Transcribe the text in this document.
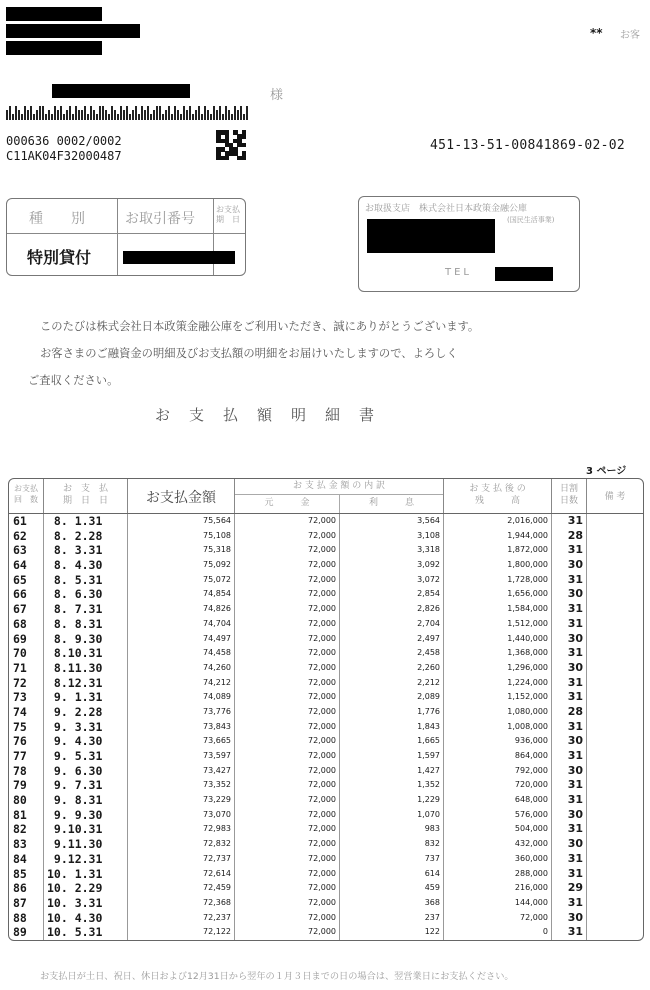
** お客
様
000636 0002/0002
C11AK04F32000487
451-13-51-00841869-02-02
種　　別	お取引番号
お支払
期　日
特別貸付
お取扱支店　株式会社日本政策金融公庫
(国民生活事業)
TEL
このたびは株式会社日本政策金融公庫をご利用いただき、誠にありがとうございます。
お客さまのご融資金の明細及びお支払額の明細をお届けいたしますので、よろしく
ご査収ください。
お　支　払　額　明　細　書
3 ページ
お支払
回　数
お　支　払
期　日　日	お支払金額
お 支 払 金 額 の 内 訳
元　　　金	利　　　息
お 支 払 後 の
残　　　高
日割
日数	備 考
61 8. 1.31	75,564	72,000	3,564	2,016,000 31
62 8. 2.28	75,108	72,000	3,108	1,944,000 28
63 8. 3.31	75,318	72,000	3,318	1,872,000 31
64 8. 4.30	75,092	72,000	3,092	1,800,000 30
65 8. 5.31	75,072	72,000	3,072	1,728,000 31
66 8. 6.30	74,854	72,000	2,854	1,656,000 30
67 8. 7.31	74,826	72,000	2,826	1,584,000 31
68 8. 8.31	74,704	72,000	2,704	1,512,000 31
69 8. 9.30	74,497	72,000	2,497	1,440,000 30
70 8.10.31	74,458	72,000	2,458	1,368,000 31
71 8.11.30	74,260	72,000	2,260	1,296,000 30
72 8.12.31	74,212	72,000	2,212	1,224,000 31
73 9. 1.31	74,089	72,000	2,089	1,152,000 31
74 9. 2.28	73,776	72,000	1,776	1,080,000 28
75 9. 3.31	73,843	72,000	1,843	1,008,000 31
76 9. 4.30	73,665	72,000	1,665	936,000 30
77 9. 5.31	73,597	72,000	1,597	864,000 31
78 9. 6.30	73,427	72,000	1,427	792,000 30
79 9. 7.31	73,352	72,000	1,352	720,000 31
80 9. 8.31	73,229	72,000	1,229	648,000 31
81 9. 9.30	73,070	72,000	1,070	576,000 30
82 9.10.31	72,983	72,000	983	504,000 31
83 9.11.30	72,832	72,000	832	432,000 30
84 9.12.31	72,737	72,000	737	360,000 31
85 10. 1.31	72,614	72,000	614	288,000 31
86 10. 2.29	72,459	72,000	459	216,000 29
87 10. 3.31	72,368	72,000	368	144,000 31
88 10. 4.30	72,237	72,000	237	72,000 30
89 10. 5.31	72,122	72,000	122	0 31
お支払日が土日、祝日、休日および12月31日から翌年の１月３日までの日の場合は、翌営業日にお支払ください。
